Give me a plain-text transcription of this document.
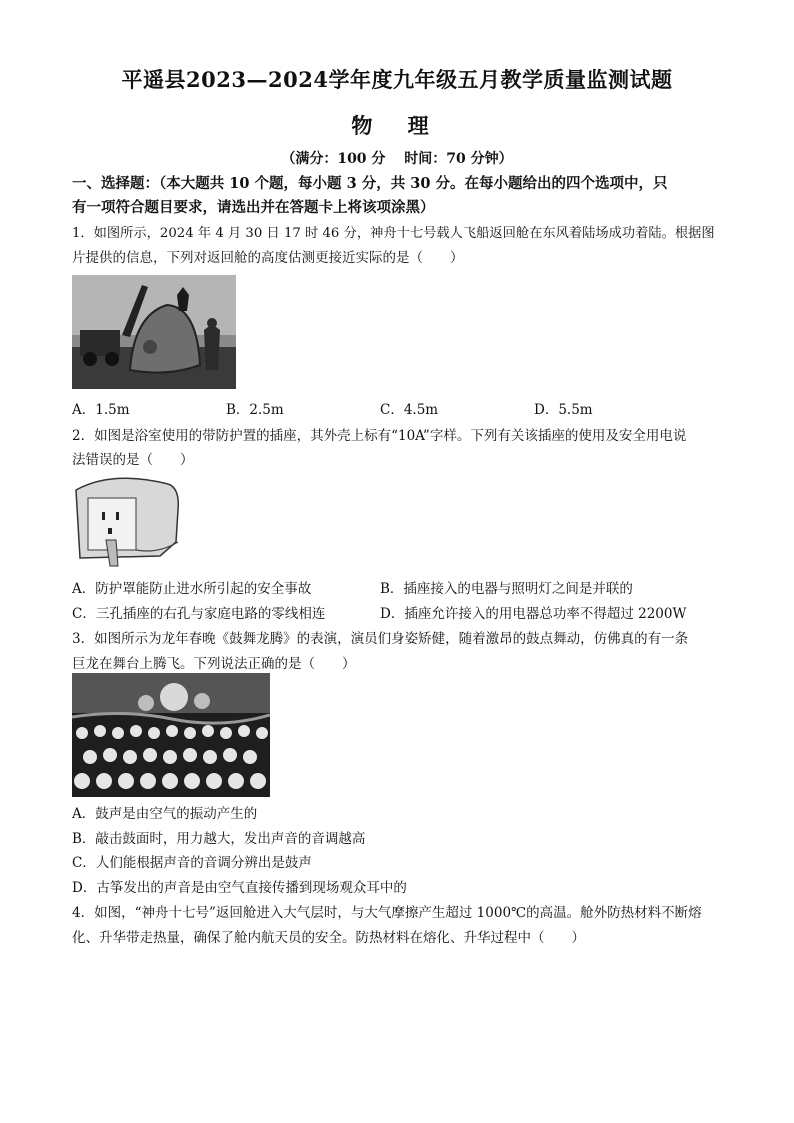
平遥县2023—2024学年度九年级五月教学质量监测试题
物 理
（满分：100 分　 时间：70 分钟）
一、选择题：（本大题共 10 个题，每小题 3 分，共 30 分。在每小题给出的四个选项中，只
有一项符合题目要求，请选出并在答题卡上将该项涂黑）
1．如图所示，2024 年 4 月 30 日 17 时 46 分，神舟十七号载人飞船返回舱在东风着陆场成功着陆。根据图
片提供的信息，下列对返回舱的高度估测更接近实际的是（　　）
A．1.5m	B．2.5m	C．4.5m	D．5.5m
2．如图是浴室使用的带防护置的插座，其外壳上标有“10A”字样。下列有关该插座的使用及安全用电说
法错误的是（　　）
A．防护罩能防止进水所引起的安全事故	B．插座接入的电器与照明灯之间是并联的
C．三孔插座的右孔与家庭电路的零线相连	D．插座允许接入的用电器总功率不得超过 2200W
3．如图所示为龙年春晚《鼓舞龙腾》的表演，演员们身姿矫健，随着激昂的鼓点舞动，仿佛真的有一条
巨龙在舞台上腾飞。下列说法正确的是（　　）
A．鼓声是由空气的振动产生的
B．敲击鼓面时，用力越大，发出声音的音调越高
C．人们能根据声音的音调分辨出是鼓声
D．古筝发出的声音是由空气直接传播到现场观众耳中的
4．如图，“神舟十七号”返回舱进入大气层时，与大气摩擦产生超过 1000℃的高温。舱外防热材料不断熔
化、升华带走热量，确保了舱内航天员的安全。防热材料在熔化、升华过程中（　　）
